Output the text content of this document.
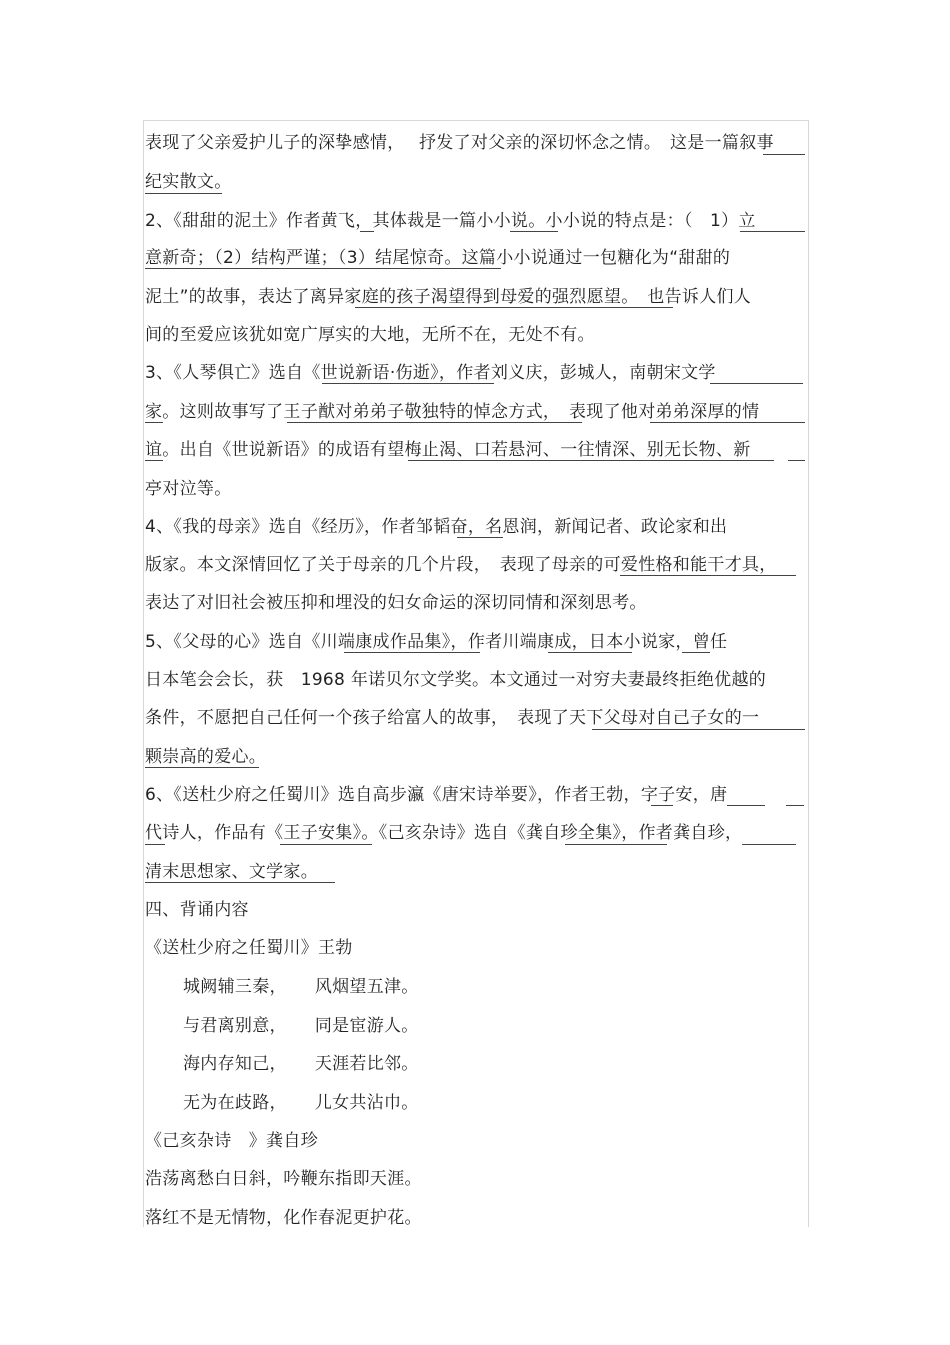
表现了父亲爱护儿子的深挚感情，　 抒发了对父亲的深切怀念之情。　这是一篇叙事
纪实散文。
2、《甜甜的泥土》作者黄飞，其体裁是一篇小小说。小小说的特点是：（　1）立
意新奇；（2）结构严谨；（3）结尾惊奇。这篇小小说通过一包糖化为“甜甜的
泥土”的故事，表达了离异家庭的孩子渴望得到母爱的强烈愿望。　也告诉人们人
间的至爱应该犹如宽广厚实的大地，无所不在，无处不有。
3、《人琴俱亡》选自《世说新语·伤逝》，作者刘义庆，彭城人，南朝宋文学
家。这则故事写了王子猷对弟弟子敬独特的悼念方式，　表现了他对弟弟深厚的情
谊。出自《世说新语》的成语有望梅止渴、口若悬河、一往情深、别无长物、新
亭对泣等。
4、《我的母亲》选自《经历》，作者邹韬奋，名恩润，新闻记者、政论家和出
版家。本文深情回忆了关于母亲的几个片段，　表现了母亲的可爱性格和能干才具，
表达了对旧社会被压抑和埋没的妇女命运的深切同情和深刻思考。
5、《父母的心》选自《川端康成作品集》，作者川端康成，日本小说家，曾任
日本笔会会长，获　1968 年诺贝尔文学奖。本文通过一对穷夫妻最终拒绝优越的
条件，不愿把自己任何一个孩子给富人的故事，　表现了天下父母对自己子女的一
颗崇高的爱心。
6、《送杜少府之任蜀川》选自高步瀛《唐宋诗举要》，作者王勃，字子安，唐
代诗人，作品有《王子安集》。《己亥杂诗》选自《龚自珍全集》，作者龚自珍，
清末思想家、文学家。
四、背诵内容
《送杜少府之任蜀川》王勃
城阙辅三秦， 风烟望五津。
与君离别意， 同是宦游人。
海内存知己， 天涯若比邻。
无为在歧路， 儿女共沾巾。
《己亥杂诗　》龚自珍
浩荡离愁白日斜，吟鞭东指即天涯。
落红不是无情物，化作春泥更护花。
